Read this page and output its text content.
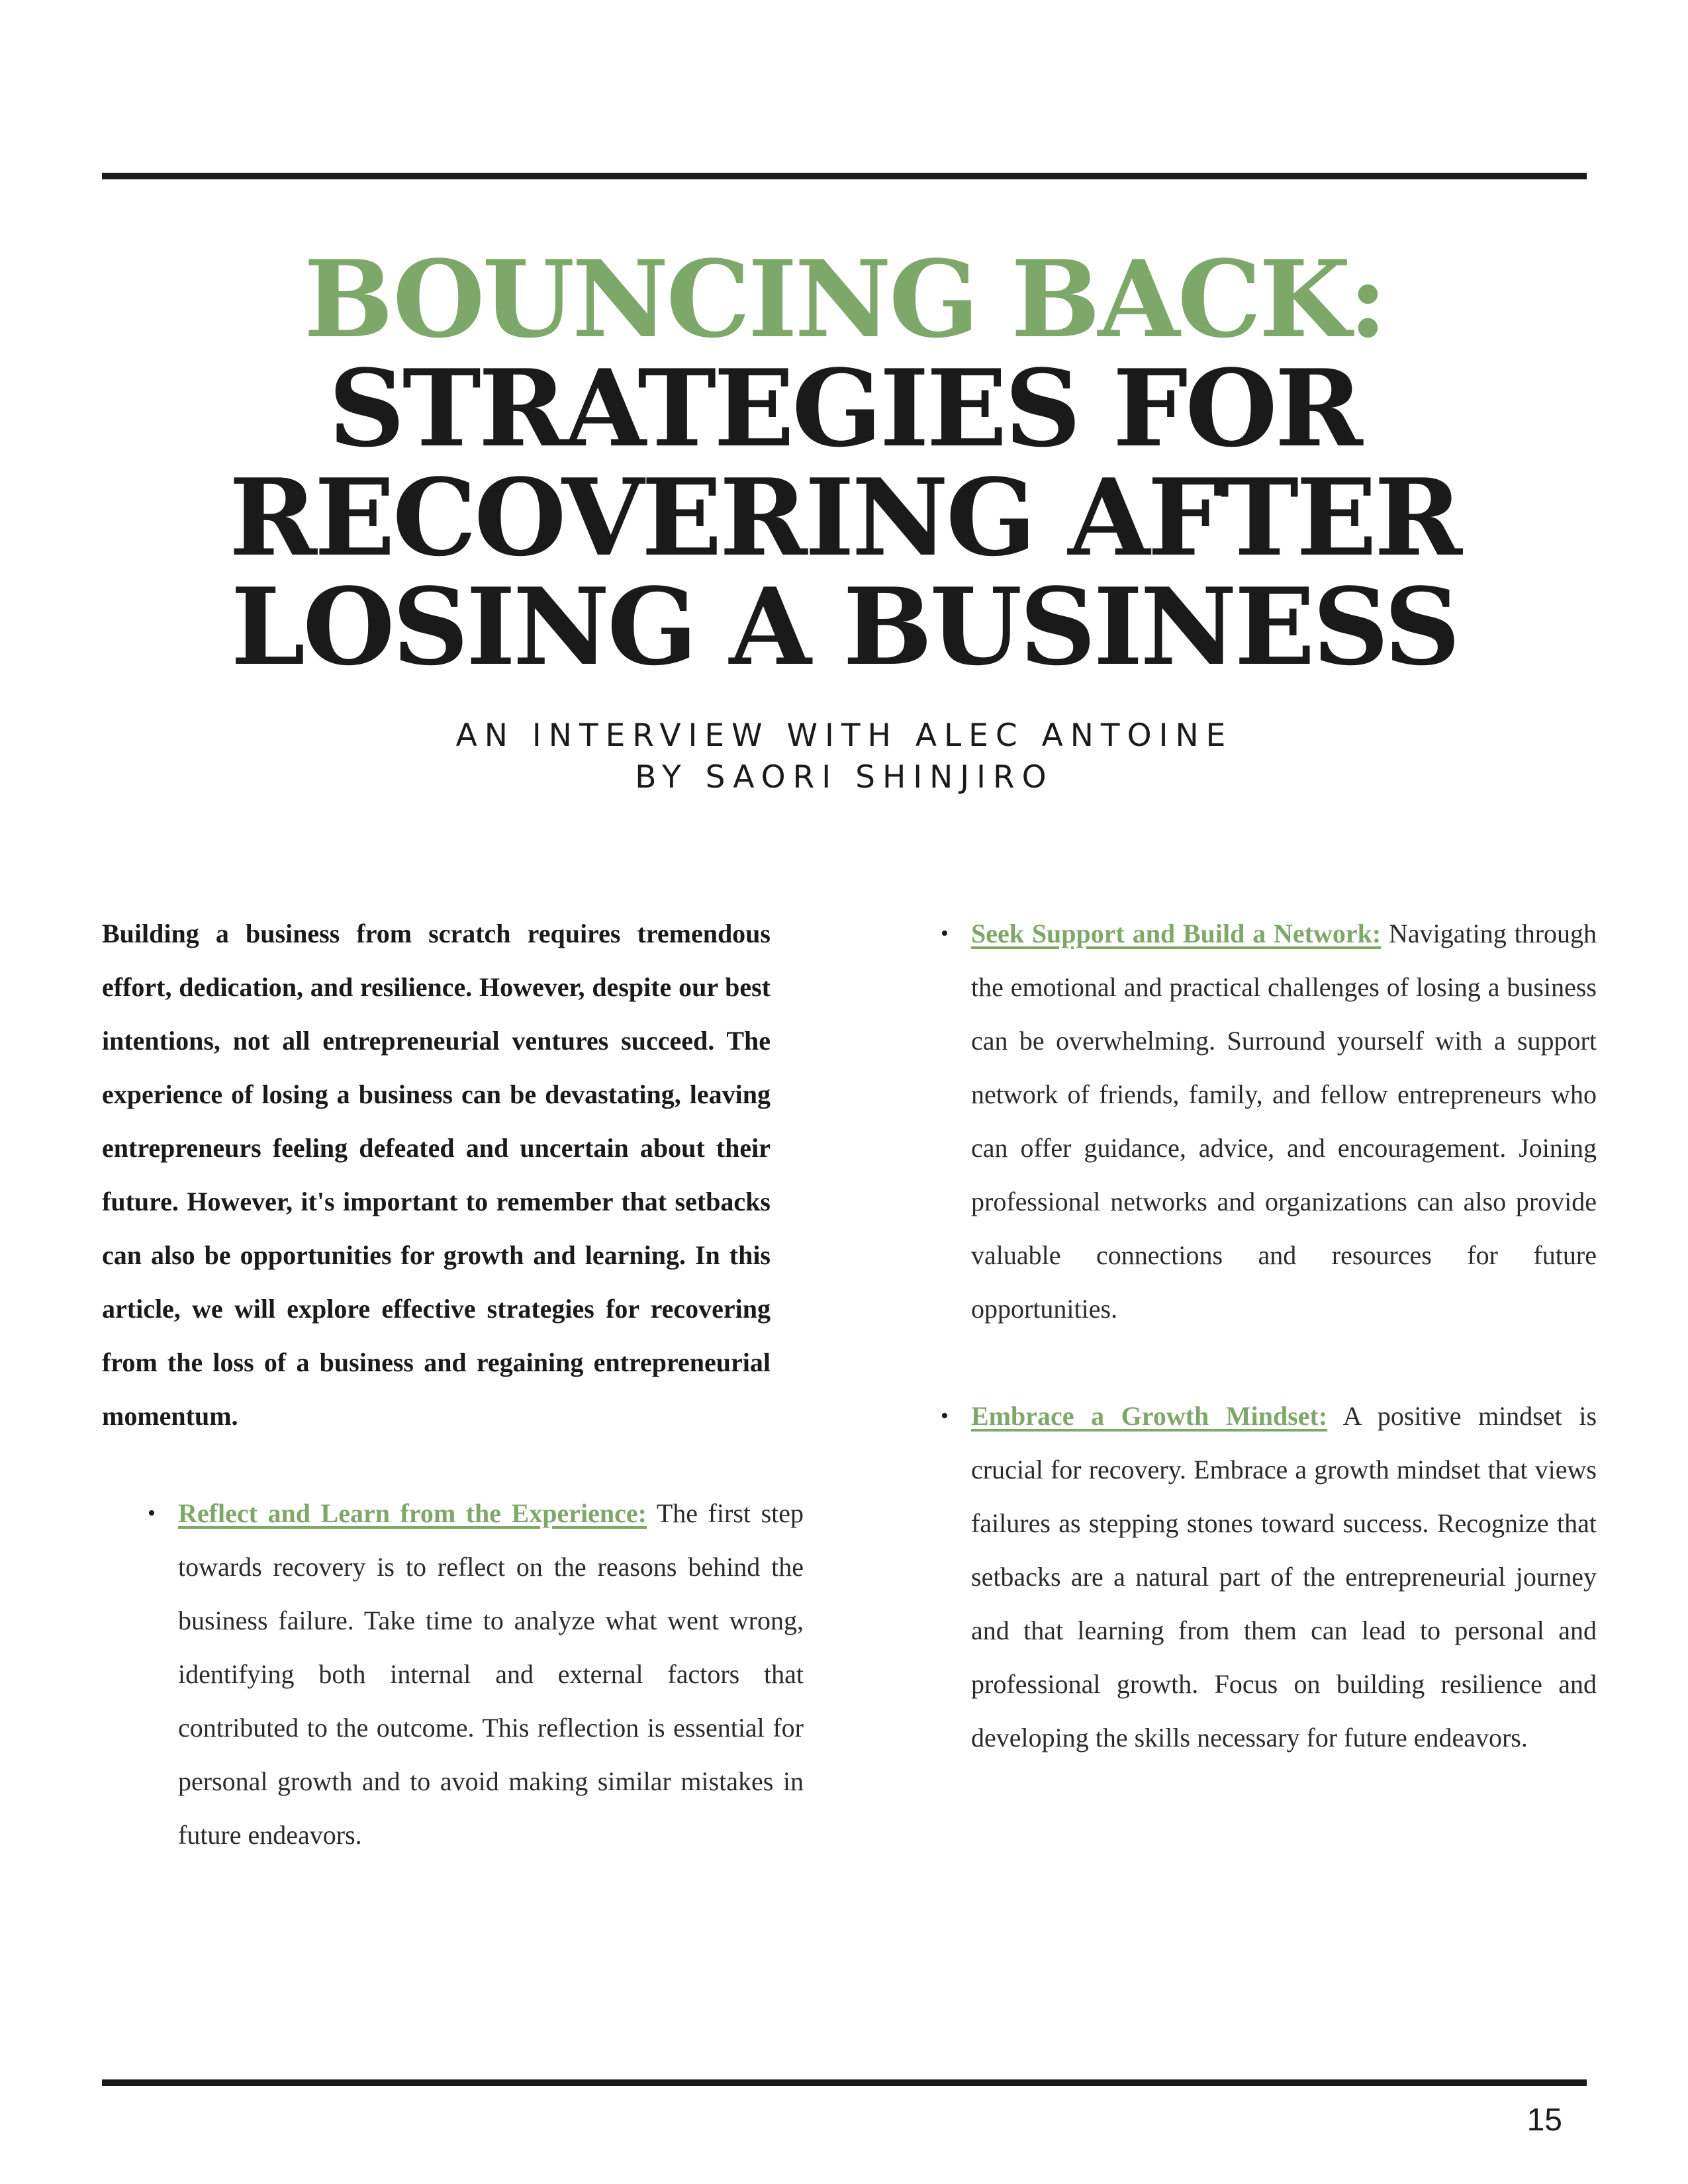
BOUNCING BACK:
STRATEGIES FOR
RECOVERING AFTER
LOSING A BUSINESS
AN INTERVIEW WITH ALEC ANTOINE
BY SAORI SHINJIRO

Building a business from scratch requires tremendous effort, dedication, and resilience. However, despite our best intentions, not all entrepreneurial ventures succeed. The experience of losing a business can be devastating, leaving entrepreneurs feeling defeated and uncertain about their future. However, it's important to remember that setbacks can also be opportunities for growth and learning. In this article, we will explore effective strategies for recovering from the loss of a business and regaining entrepreneurial momentum.

• Reflect and Learn from the Experience: The first step towards recovery is to reflect on the reasons behind the business failure. Take time to analyze what went wrong, identifying both internal and external factors that contributed to the outcome. This reflection is essential for personal growth and to avoid making similar mistakes in future endeavors.
• Seek Support and Build a Network: Navigating through the emotional and practical challenges of losing a business can be overwhelming. Surround yourself with a support network of friends, family, and fellow entrepreneurs who can offer guidance, advice, and encouragement. Joining professional networks and organizations can also provide valuable connections and resources for future opportunities.
• Embrace a Growth Mindset: A positive mindset is crucial for recovery. Embrace a growth mindset that views failures as stepping stones toward success. Recognize that setbacks are a natural part of the entrepreneurial journey and that learning from them can lead to personal and professional growth. Focus on building resilience and developing the skills necessary for future endeavors.
15
